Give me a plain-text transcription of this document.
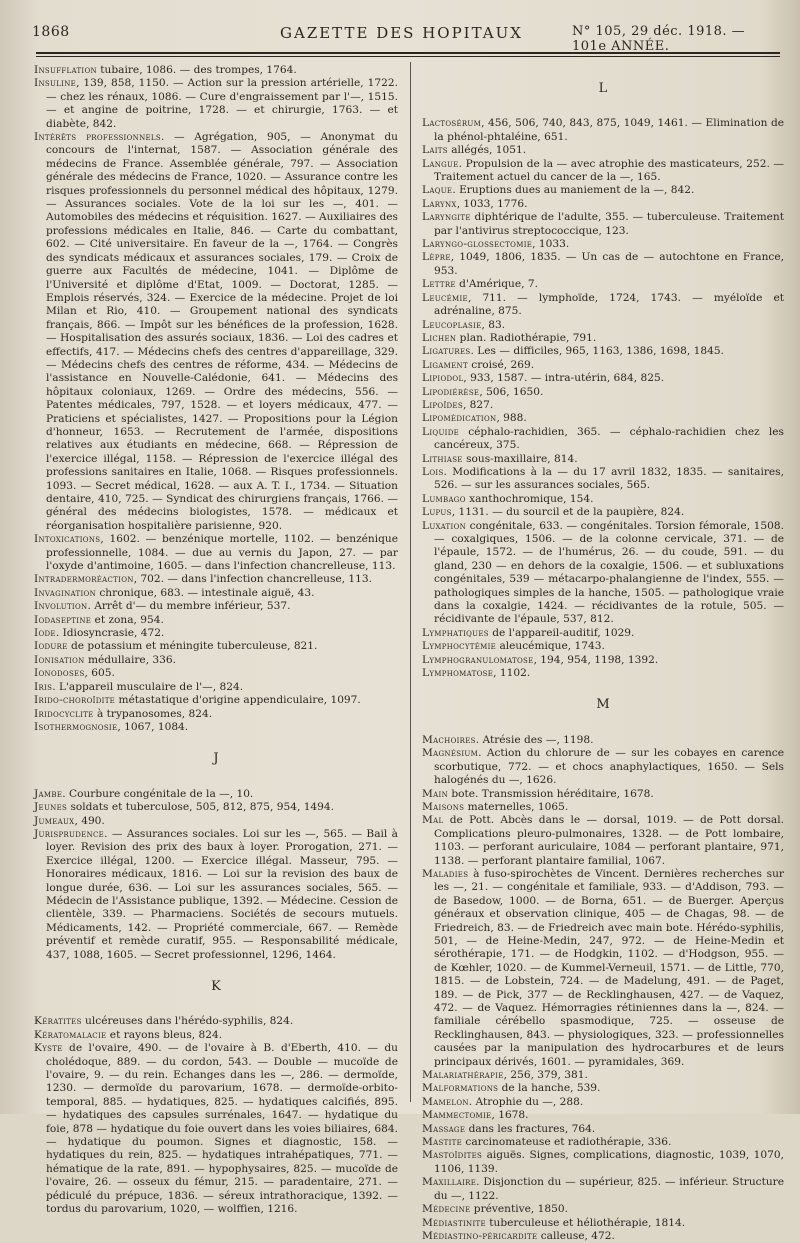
1868	GAZETTE DES HOPITAUX	N° 105, 29 déc. 1918. — 101e ANNÉE.

Insufflation tubaire, 1086. — des trompes, 1764.

Insuline, 139, 858, 1150. — Action sur la pression artérielle, 1722. — chez les rénaux, 1086. — Cure d'engraissement par l'—, 1515. — et angine de poitrine, 1728. — et chirurgie, 1763. — et diabète, 842.

Intérêts professionnels. — Agrégation, 905, — Anonymat du concours de l'internat, 1587. — Association générale des médecins de France. Assemblée générale, 797. — Association générale des médecins de France, 1020. — Assurance contre les risques professionnels du personnel médical des hôpitaux, 1279. — Assurances sociales. Vote de la loi sur les —, 401. — Automobiles des médecins et réquisition. 1627. — Auxiliaires des professions médicales en Italie, 846. — Carte du combattant, 602. — Cité universitaire. En faveur de la —, 1764. — Congrès des syndicats médicaux et assurances sociales, 179. — Croix de guerre aux Facultés de médecine, 1041. — Diplôme de l'Université et diplôme d'Etat, 1009. — Doctorat, 1285. — Emplois réservés, 324. — Exercice de la médecine. Projet de loi Milan et Rio, 410. — Groupement national des syndicats français, 866. — Impôt sur les bénéfices de la profession, 1628. — Hospitalisation des assurés sociaux, 1836. — Loi des cadres et effectifs, 417. — Médecins chefs des centres d'appareillage, 329. — Médecins chefs des centres de réforme, 434. — Médecins de l'assistance en Nouvelle-Calédonie, 641. — Médecins des hôpitaux coloniaux, 1269. — Ordre des médecins, 556. — Patentes médicales, 797, 1528. — et loyers médicaux, 477. — Praticiens et spécialistes, 1427. — Propositions pour la Légion d'honneur, 1653. — Recrutement de l'armée, dispositions relatives aux étudiants en médecine, 668. — Répression de l'exercice illégal, 1158. — Répression de l'exercice illégal des professions sanitaires en Italie, 1068. — Risques professionnels. 1093. — Secret médical, 1628. — aux A. T. I., 1734. — Situation dentaire, 410, 725. — Syndicat des chirurgiens français, 1766. — général des médecins biologistes, 1578. — médicaux et réorganisation hospitalière parisienne, 920.

Intoxications, 1602. — benzénique mortelle, 1102. — benzénique professionnelle, 1084. — due au vernis du Japon, 27. — par l'oxyde d'antimoine, 1605. — dans l'infection chancrelleuse, 113.

Intradermoréaction, 702. — dans l'infection chancrelleuse, 113.

Invagination chronique, 683. — intestinale aiguë, 43.

Involution. Arrêt d'— du membre inférieur, 537.

Iodaseptine et zona, 954.

Iode. Idiosyncrasie, 472.

Iodure de potassium et méningite tuberculeuse, 821.

Ionisation médullaire, 336.

Ionodoses, 605.

Iris. L'appareil musculaire de l'—, 824.

Irido-choroïdite métastatique d'origine appendiculaire, 1097.

Iridocyclite à trypanosomes, 824.

Isothermognosie, 1067, 1084.

J

Jambe. Courbure congénitale de la —, 10.

Jeunes soldats et tuberculose, 505, 812, 875, 954, 1494.

Jumeaux, 490.

Jurisprudence. — Assurances sociales. Loi sur les —, 565. — Bail à loyer. Revision des prix des baux à loyer. Prorogation, 271. — Exercice illégal, 1200. — Exercice illégal. Masseur, 795. — Honoraires médicaux, 1816. — Loi sur la revision des baux de longue durée, 636. — Loi sur les assurances sociales, 565. — Médecin de l'Assistance publique, 1392. — Médecine. Cession de clientèle, 339. — Pharmaciens. Sociétés de secours mutuels. Médicaments, 142. — Propriété commerciale, 667. — Remède préventif et remède curatif, 955. — Responsabilité médicale, 437, 1088, 1605. — Secret professionnel, 1296, 1464.

K

Kératites ulcéreuses dans l'hérédo-syphilis, 824.

Kératomalacie et rayons bleus, 824.

Kyste de l'ovaire, 490. — de l'ovaire à B. d'Eberth, 410. — du cholédoque, 889. — du cordon, 543. — Double — mucoïde de l'ovaire, 9. — du rein. Echanges dans les —, 286. — dermoïde, 1230. — dermoïde du parovarium, 1678. — dermoïde-orbito-temporal, 885. — hydatiques, 825. — hydatiques calcifiés, 895. — hydatiques des capsules surrénales, 1647. — hydatique du foie, 878 — hydatique du foie ouvert dans les voies biliaires, 684. — hydatique du poumon. Signes et diagnostic, 158. — hydatiques du rein, 825. — hydatiques intrahépatiques, 771. — hématique de la rate, 891. — hypophysaires, 825. — mucoïde de l'ovaire, 26. — osseux du fémur, 215. — paradentaire, 271. — pédiculé du prépuce, 1836. — séreux intrathoracique, 1392. — tordus du parovarium, 1020, — wolffien, 1216.

L

Lactosérum, 456, 506, 740, 843, 875, 1049, 1461. — Elimination de la phénol-phtaléine, 651.

Laits allégés, 1051.

Langue. Propulsion de la — avec atrophie des masticateurs, 252. — Traitement actuel du cancer de la —, 165.

Laque. Eruptions dues au maniement de la —, 842.

Larynx, 1033, 1776.

Laryngite diphtérique de l'adulte, 355. — tuberculeuse. Traitement par l'antivirus streptococcique, 123.

Laryngo-glossectomie, 1033.

Lèpre, 1049, 1806, 1835. — Un cas de — autochtone en France, 953.

Lettre d'Amérique, 7.

Leucémie, 711. — lymphoïde, 1724, 1743. — myéloïde et adrénaline, 875.

Leucoplasie, 83.

Lichen plan. Radiothérapie, 791.

Ligatures. Les — difficiles, 965, 1163, 1386, 1698, 1845.

Ligament croisé, 269.

Lipiodol, 933, 1587. — intra-utérin, 684, 825.

Lipodiérèse, 506, 1650.

Lipoïdes, 827.

Lipomédication, 988.

Liquide céphalo-rachidien, 365. — céphalo-rachidien chez les cancéreux, 375.

Lithiase sous-maxillaire, 814.

Lois. Modifications à la — du 17 avril 1832, 1835. — sanitaires, 526. — sur les assurances sociales, 565.

Lumbago xanthochromique, 154.

Lupus, 1131. — du sourcil et de la paupière, 824.

Luxation congénitale, 633. — congénitales. Torsion fémorale, 1508. — coxalgiques, 1506. — de la colonne cervicale, 371. — de l'épaule, 1572. — de l'humérus, 26. — du coude, 591. — du gland, 230 — en dehors de la coxalgie, 1506. — et subluxations congénitales, 539 — métacarpo-phalangienne de l'index, 555. — pathologiques simples de la hanche, 1505. — pathologique vraie dans la coxalgie, 1424. — récidivantes de la rotule, 505. — récidivante de l'épaule, 537, 812.

Lymphatiques de l'appareil-auditif, 1029.

Lymphocytémie aleucémique, 1743.

Lymphogranulomatose, 194, 954, 1198, 1392.

Lymphomatose, 1102.

M

Machoires. Atrésie des —, 1198.

Magnésium. Action du chlorure de — sur les cobayes en carence scorbutique, 772. — et chocs anaphylactiques, 1650. — Sels halogénés du —, 1626.

Main bote. Transmission héréditaire, 1678.

Maisons maternelles, 1065.

Mal de Pott. Abcès dans le — dorsal, 1019. — de Pott dorsal. Complications pleuro-pulmonaires, 1328. — de Pott lombaire, 1103. — perforant auriculaire, 1084 — perforant plantaire, 971, 1138. — perforant plantaire familial, 1067.

Maladies à fuso-spirochètes de Vincent. Dernières recherches sur les —, 21. — congénitale et familiale, 933. — d'Addison, 793. — de Basedow, 1000. — de Borna, 651. — de Buerger. Aperçus généraux et observation clinique, 405 — de Chagas, 98. — de Friedreich, 83. — de Friedreich avec main bote. Hérédo-syphilis, 501, — de Heine-Medin, 247, 972. — de Heine-Medin et sérothérapie, 171. — de Hodgkin, 1102. — d'Hodgson, 955. — de Kœhler, 1020. — de Kummel-Verneuil, 1571. — de Little, 770, 1815. — de Lobstein, 724. — de Madelung, 491. — de Paget, 189. — de Pick, 377 — de Recklinghausen, 427. — de Vaquez, 472. — de Vaquez. Hémorragies rétiniennes dans la —, 824. — familiale cérébello spasmodique, 725. — osseuse de Recklinghausen, 843. — physiologiques, 323. — professionnelles causées par la manipulation des hydrocarbures et de leurs principaux dérivés, 1601. — pyramidales, 369.

Malariathérapie, 256, 379, 381.

Malformations de la hanche, 539.

Mamelon. Atrophie du —, 288.

Mammectomie, 1678.

Massage dans les fractures, 764.

Mastite carcinomateuse et radiothérapie, 336.

Mastoïdites aiguës. Signes, complications, diagnostic, 1039, 1070, 1106, 1139.

Maxillaire. Disjonction du — supérieur, 825. — inférieur. Structure du —, 1122.

Médecine préventive, 1850.

Médiastinite tuberculeuse et héliothérapie, 1814.

Médiastino-péricardite calleuse, 472.
